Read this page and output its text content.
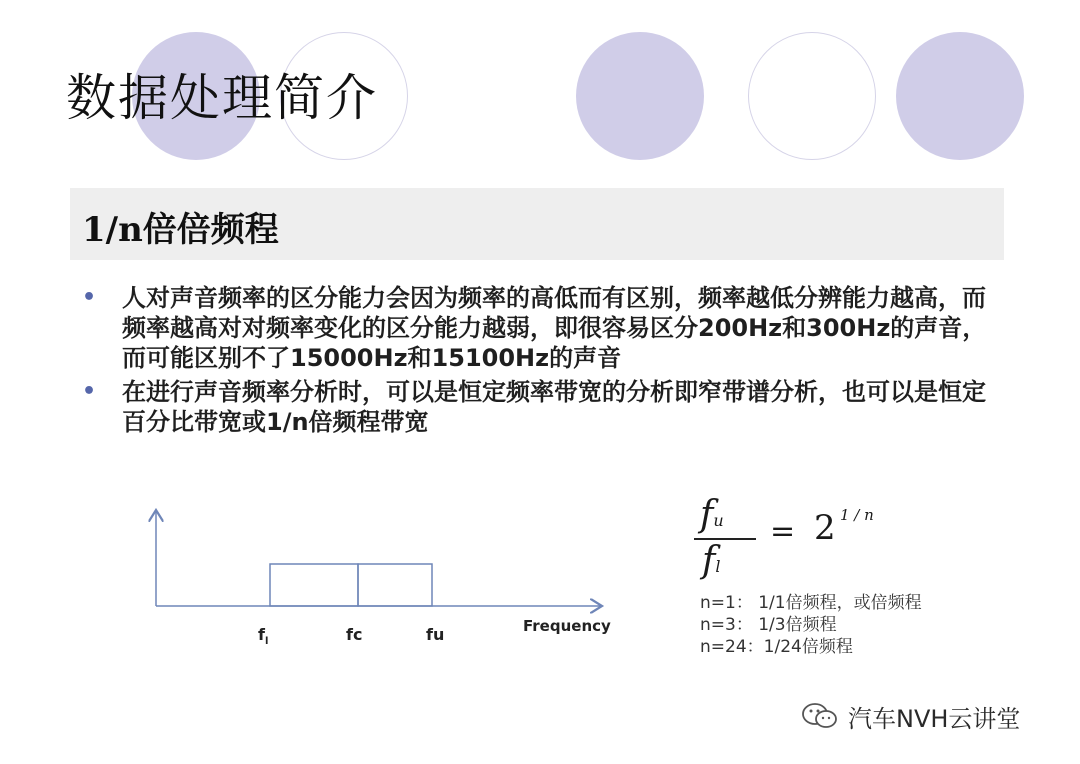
数据处理简介
1/n倍倍频程
• 人对声音频率的区分能力会因为频率的高低而有区别，频率越低分辨能力越高，而频率越高对对频率变化的区分能力越弱，即很容易区分200Hz和300Hz的声音，而可能区别不了15000Hz和15100Hz的声音
• 在进行声音频率分析时，可以是恒定频率带宽的分析即窄带谱分析，也可以是恒定百分比带宽或1/n倍频程带宽
$f_l$	fc	fu	Frequency
fu
fl
= 2 1 / n
n=1： 1/1倍频程，或倍频程
n=3： 1/3倍频程
n=24：1/24倍频程
汽车NVH云讲堂
